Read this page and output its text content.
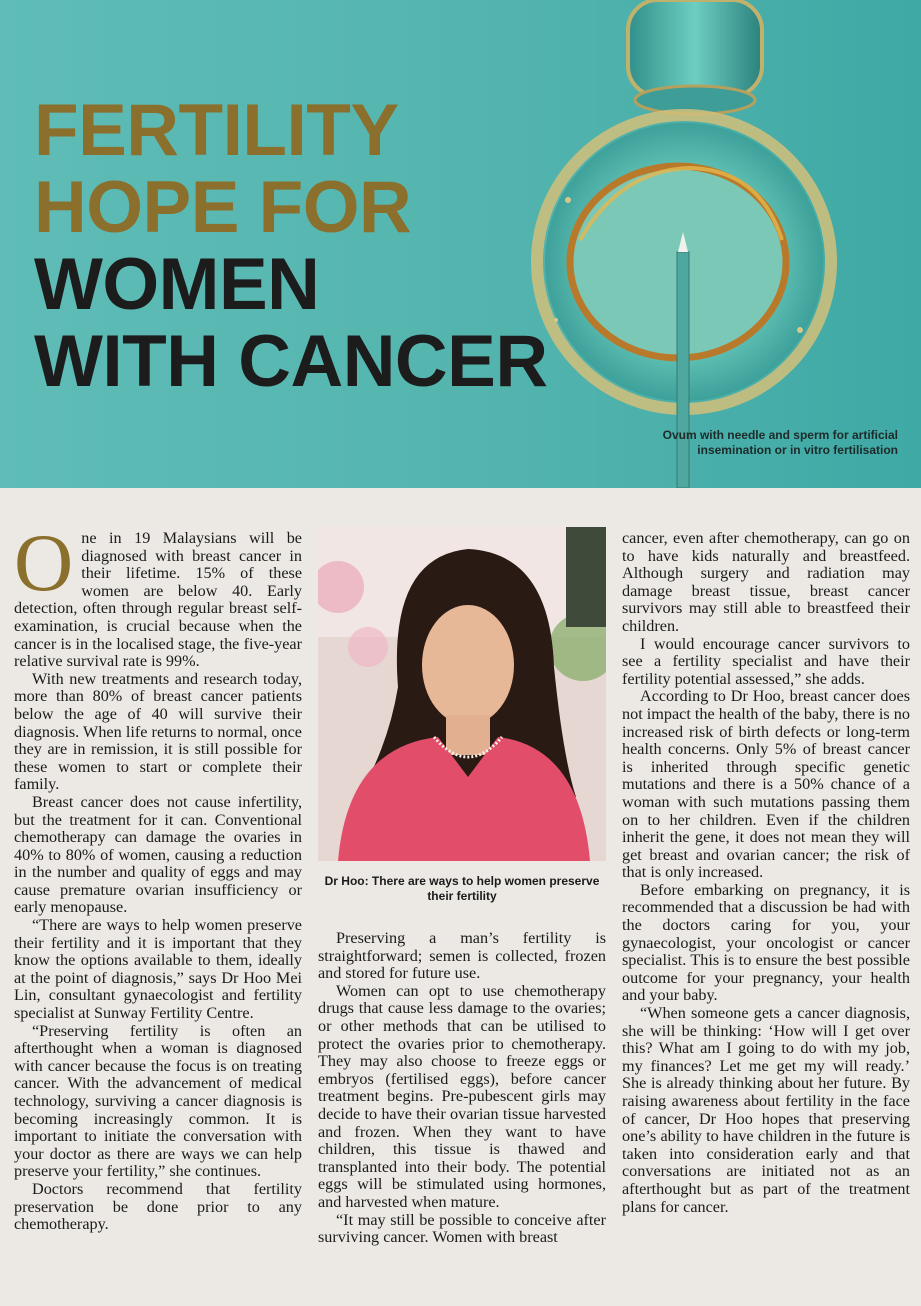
FERTILITY
HOPE FOR
WOMEN
WITH CANCER
Ovum with needle and sperm for artificial insemination or in vitro fertilisation
O ne in 19 Malaysians will be diagnosed with breast cancer in their lifetime. 15% of these women are below 40. Early detection, often through regular breast self-examination, is crucial because when the cancer is in the localised stage, the five-year relative survival rate is 99%.

With new treatments and research today, more than 80% of breast cancer patients below the age of 40 will survive their diagnosis. When life returns to normal, once they are in remission, it is still possible for these women to start or complete their family.

Breast cancer does not cause infertility, but the treatment for it can. Conventional chemotherapy can damage the ovaries in 40% to 80% of women, causing a reduction in the number and quality of eggs and may cause premature ovarian insufficiency or early menopause.

“There are ways to help women preserve their fertility and it is important that they know the options available to them, ideally at the point of diagnosis,” says Dr Hoo Mei Lin, consultant gynaecologist and fertility specialist at Sunway Fertility Centre.

“Preserving fertility is often an afterthought when a woman is diagnosed with cancer because the focus is on treating cancer. With the advancement of medical technology, surviving a cancer diagnosis is becoming increasingly common. It is important to initiate the conversation with your doctor as there are ways we can help preserve your fertility,” she continues.

Doctors recommend that fertility preservation be done prior to any chemotherapy.

Dr Hoo: There are ways to help women preserve their fertility

Preserving a man’s fertility is straightforward; semen is collected, frozen and stored for future use.

Women can opt to use chemotherapy drugs that cause less damage to the ovaries; or other methods that can be utilised to protect the ovaries prior to chemotherapy. They may also choose to freeze eggs or embryos (fertilised eggs), before cancer treatment begins. Pre-pubescent girls may decide to have their ovarian tissue harvested and frozen. When they want to have children, this tissue is thawed and transplanted into their body. The potential eggs will be stimulated using hormones, and harvested when mature.

“It may still be possible to conceive after surviving cancer. Women with breast

cancer, even after chemotherapy, can go on to have kids naturally and breastfeed. Although surgery and radiation may damage breast tissue, breast cancer survivors may still able to breastfeed their children.

I would encourage cancer survivors to see a fertility specialist and have their fertility potential assessed,” she adds.

According to Dr Hoo, breast cancer does not impact the health of the baby, there is no increased risk of birth defects or long-term health concerns. Only 5% of breast cancer is inherited through specific genetic mutations and there is a 50% chance of a woman with such mutations passing them on to her children. Even if the children inherit the gene, it does not mean they will get breast and ovarian cancer; the risk of that is only increased.

Before embarking on pregnancy, it is recommended that a discussion be had with the doctors caring for you, your gynaecologist, your oncologist or cancer specialist. This is to ensure the best possible outcome for your pregnancy, your health and your baby.

“When someone gets a cancer diagnosis, she will be thinking: ‘How will I get over this? What am I going to do with my job, my finances? Let me get my will ready.’ She is already thinking about her future. By raising awareness about fertility in the face of cancer, Dr Hoo hopes that preserving one’s ability to have children in the future is taken into consideration early and that conversations are initiated not as an afterthought but as part of the treatment plans for cancer.
